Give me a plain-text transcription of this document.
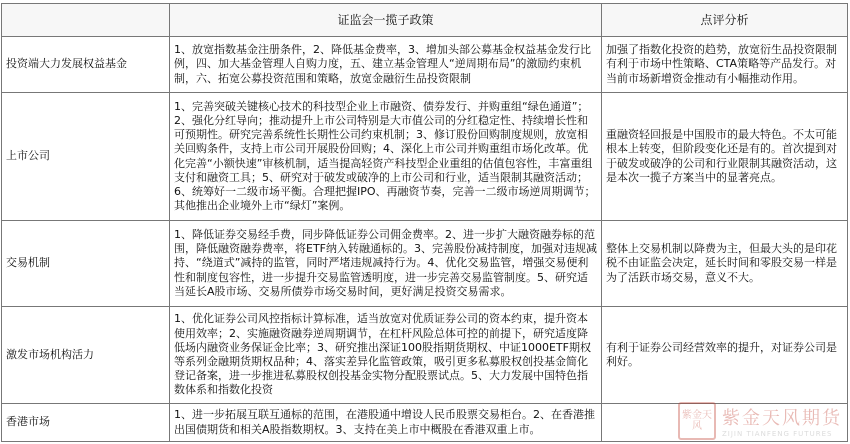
	证监会一揽子政策	点评分析
投资端大力发展权益基金	1、放宽指数基金注册条件，2、降低基金费率，3、增加头部公募基金权益基金发行比例，四、加大基金管理人自购力度，五、建立基金管理人“逆周期布局”的激励约束机制，六、拓宽公募投资范围和策略，放宽金融衍生品投资限制	加强了指数化投资的趋势，放宽衍生品投资限制有利于市场中性策略、CTA策略等产品发行。对当前市场新增资金推动有小幅推动作用。
上市公司	1、完善突破关键核心技术的科技型企业上市融资、债券发行、并购重组“绿色通道”；2、强化分红导向；推动提升上市公司特别是大市值公司的分红稳定性、持续增长性和可预期性。研究完善系统性长期性公司约束机制；3、修订股份回购制度规则，放宽相关回购条件，支持上市公司开展股份回购；4、深化上市公司并购重组市场化改革。优化完善“小额快速”审核机制，适当提高轻资产科技型企业重组的估值包容性，丰富重组支付和融资工具；5、研究对于破发或破净的上市公司和行业，适当限制其融资活动；6、统筹好一二级市场平衡。合理把握IPO、再融资节奏，完善一二级市场逆周期调节；其他推出企业境外上市“绿灯”案例。	重融资轻回报是中国股市的最大特色。不太可能根本上转变，但阶段变化还是有的。首次提到对于破发或破净的公司和行业限制其融资活动，这是本次一揽子方案当中的显著亮点。
交易机制	1、降低证券交易经手费，同步降低证券公司佣金费率。2、进一步扩大融资融券标的范围，降低融资融券费率，将ETF纳入转融通标的。3、完善股份减持制度，加强对违规减持、“绕道式”减持的监管，同时严堵违规减持行为。4、优化交易监管，增强交易便利性和制度包容性，进一步提升交易监管透明度，进一步完善交易监管制度。5、研究适当延长A股市场、交易所债券市场交易时间，更好满足投资交易需求。	整体上交易机制以降费为主，但最大头的是印花税不由证监会决定，延长时间和零股交易一样是为了活跃市场交易，意义不大。
激发市场机构活力	1、优化证券公司风控指标计算标准，适当放宽对优质证券公司的资本约束，提升资本使用效率；2、实施融资融券逆周期调节，在杠杆风险总体可控的前提下，研究适度降低场内融资业务保证金比率；3、研究推出深证100股指期货期权、中证1000ETF期权等系列金融期货期权品种；4、落实差异化监管政策，吸引更多私募股权创投基金简化登记备案，进一步推进私募股权创投基金实物分配股票试点。5、大力发展中国特色指数体系和指数化投资	有利于证券公司经营效率的提升，对证券公司是利好。
香港市场	1、进一步拓展互联互通标的范围，在港股通中增设人民币股票交易柜台。2、在香港推出国债期货和相关A股指数期权。3、支持在美上市中概股在香港双重上市。	
紫金天风	紫金天风期货
ZIJIN TIANFENG FUTURES
